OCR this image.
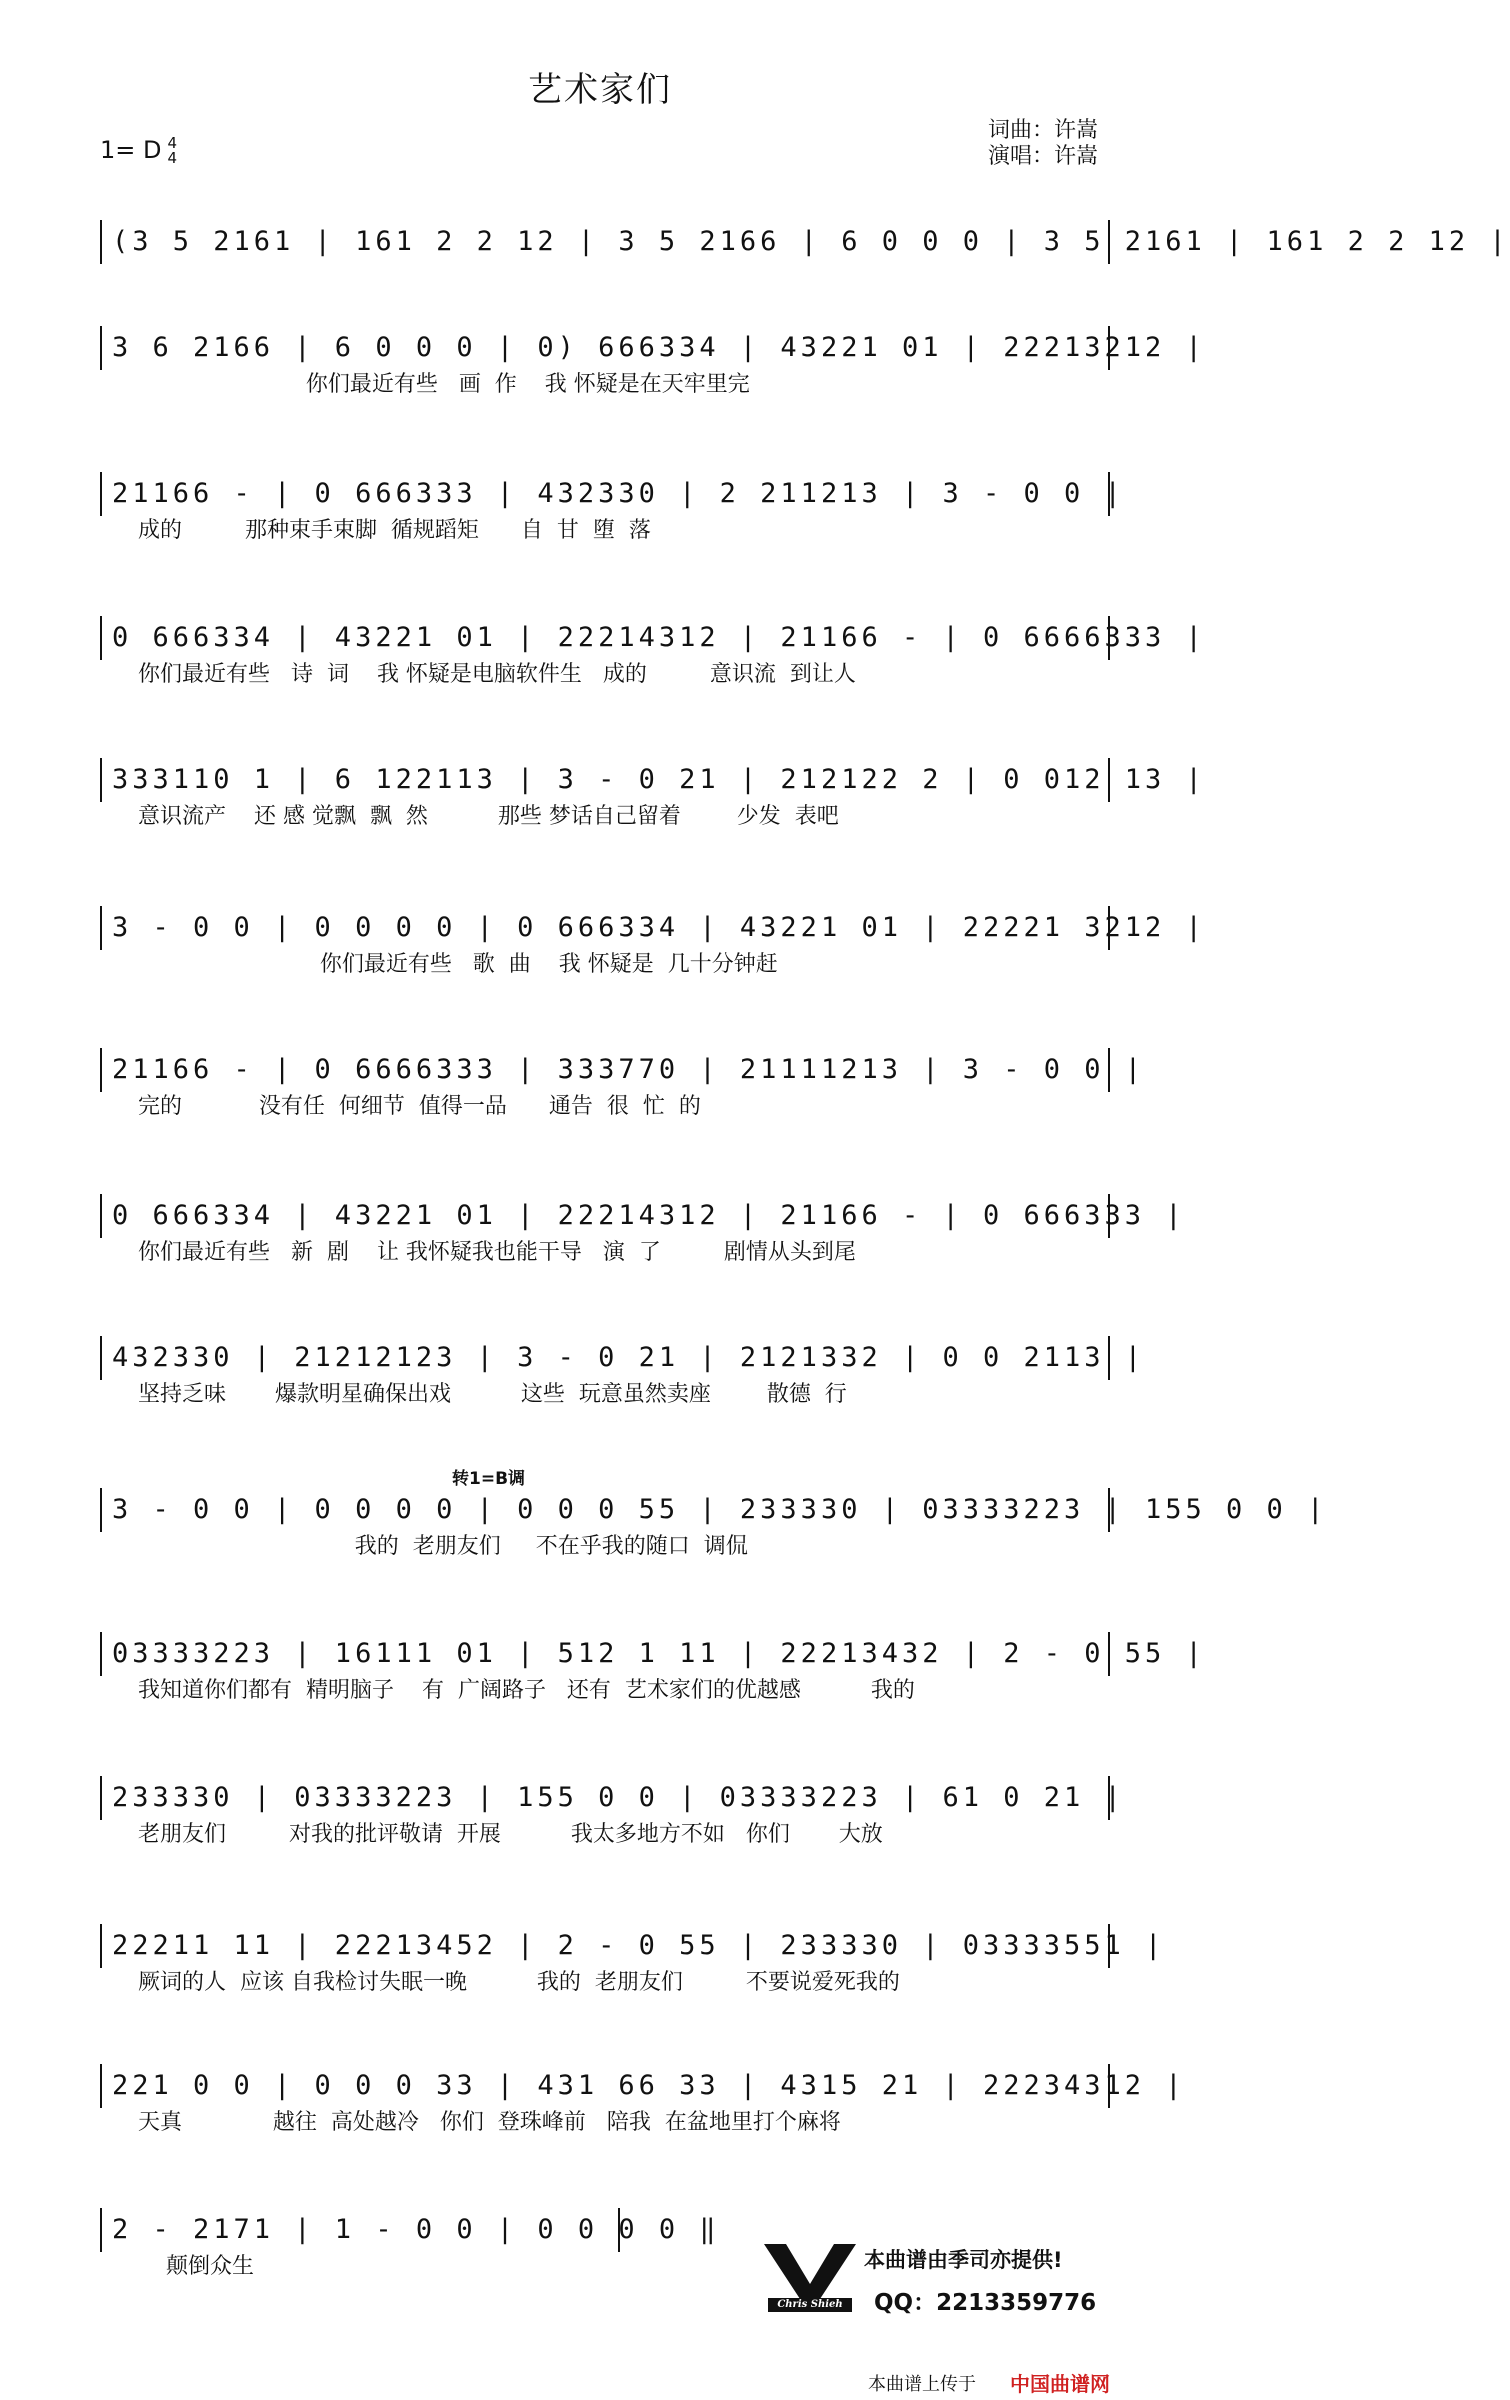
艺术家们
1= D 4
4
词曲：许嵩
演唱：许嵩
(3 5 2161 | 161 2 2 12 | 3 5 2166 | 6 0 0 0 | 3 5 2161 | 161 2 2 12 |
3 6 2166 | 6 0 0 0 | 0) 666334 | 43221 01 | 22213212 |
你们最近有些   画  作    我 怀疑是在天牢里完
21166 - | 0 666333 | 432330 | 2 211213 | 3 - 0 0 |
成的         那种束手束脚  循规蹈矩      自  甘  堕  落
0 666334 | 43221 01 | 22214312 | 21166 - | 0 6666333 |
你们最近有些   诗  词    我 怀疑是电脑软件生   成的         意识流  到让人
333110 1 | 6 122113 | 3 - 0 21 | 212122 2 | 0 012 13 |
意识流产    还 感 觉飘  飘  然          那些 梦话自己留着        少发  表吧
3 - 0 0 | 0 0 0 0 | 0 666334 | 43221 01 | 22221 3212 |
你们最近有些   歌  曲    我 怀疑是  几十分钟赶
21166 - | 0 6666333 | 333770 | 21111213 | 3 - 0 0 |
完的           没有任  何细节  值得一品      通告  很  忙  的
0 666334 | 43221 01 | 22214312 | 21166 - | 0 666333 |
你们最近有些   新  剧    让 我怀疑我也能干导   演  了         剧情从头到尾
432330 | 21212123 | 3 - 0 21 | 2121332 | 0 0 2113 |
坚持乏味       爆款明星确保出戏          这些  玩意虽然卖座        散德  行
转1=B调
3 - 0 0 | 0 0 0 0 | 0 0 0 55 | 233330 | 03333223 | 155 0 0 |
我的  老朋友们     不在乎我的随口  调侃
03333223 | 16111 01 | 512 1 11 | 22213432 | 2 - 0 55 |
我知道你们都有  精明脑子    有  广阔路子   还有  艺术家们的优越感          我的
233330 | 03333223 | 155 0 0 | 03333223 | 61 0 21 |
老朋友们         对我的批评敬请  开展          我太多地方不如   你们       大放
22211 11 | 22213452 | 2 - 0 55 | 233330 | 03333551 |
厥词的人  应该 自我检讨失眠一晚          我的  老朋友们         不要说爱死我的
221 0 0 | 0 0 0 33 | 431 66 33 | 4315 21 | 22234312 |
天真             越往  高处越冷   你们  登珠峰前   陪我  在盆地里打个麻将
2 - 2171 | 1 - 0 0 | 0 0 0 0 ‖
颠倒众生
Chris Shieh
本曲谱由季司亦提供!
QQ：2213359776
本曲谱上传于 中国曲谱网
